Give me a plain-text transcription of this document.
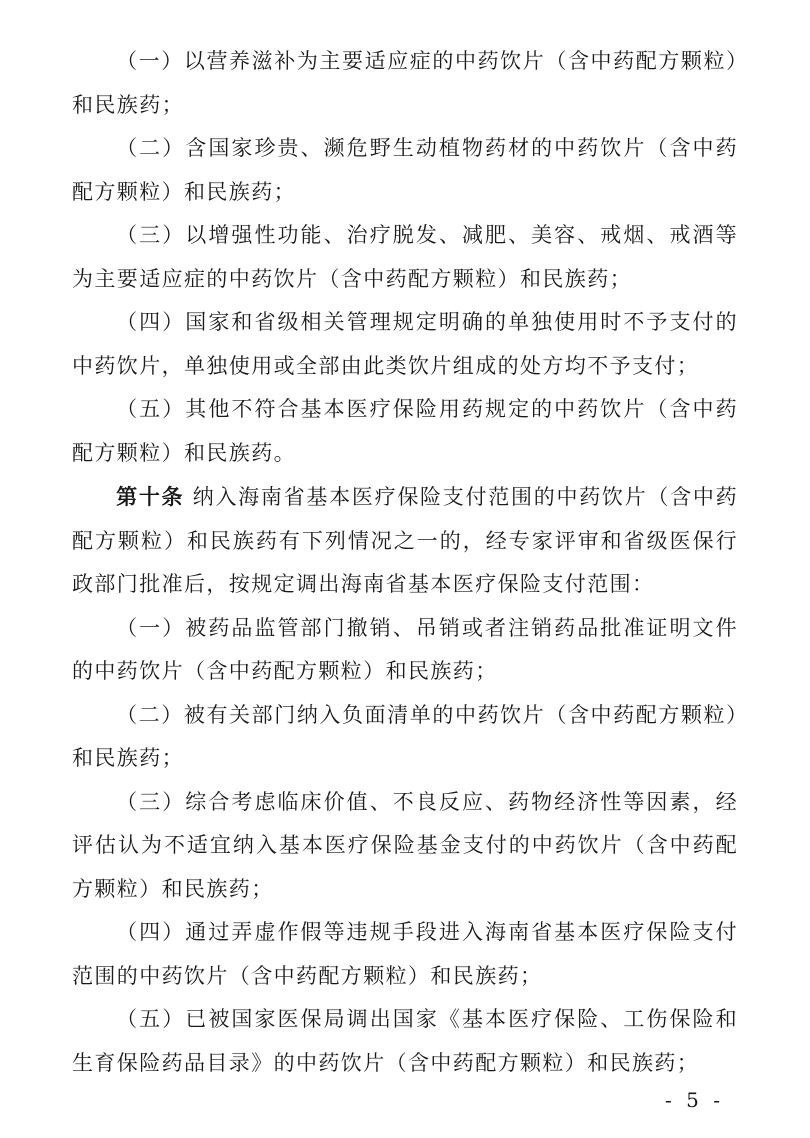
（一）以营养滋补为主要适应症的中药饮片（含中药配方颗粒）和民族药；

（二）含国家珍贵、濒危野生动植物药材的中药饮片（含中药配方颗粒）和民族药；

（三）以增强性功能、治疗脱发、减肥、美容、戒烟、戒酒等为主要适应症的中药饮片（含中药配方颗粒）和民族药；

（四）国家和省级相关管理规定明确的单独使用时不予支付的中药饮片，单独使用或全部由此类饮片组成的处方均不予支付；

（五）其他不符合基本医疗保险用药规定的中药饮片（含中药配方颗粒）和民族药。

第十条 纳入海南省基本医疗保险支付范围的中药饮片（含中药配方颗粒）和民族药有下列情况之一的，经专家评审和省级医保行政部门批准后，按规定调出海南省基本医疗保险支付范围：

（一）被药品监管部门撤销、吊销或者注销药品批准证明文件的中药饮片（含中药配方颗粒）和民族药；

（二）被有关部门纳入负面清单的中药饮片（含中药配方颗粒）和民族药；

（三）综合考虑临床价值、不良反应、药物经济性等因素，经评估认为不适宜纳入基本医疗保险基金支付的中药饮片（含中药配方颗粒）和民族药；

（四）通过弄虚作假等违规手段进入海南省基本医疗保险支付范围的中药饮片（含中药配方颗粒）和民族药；

（五）已被国家医保局调出国家《基本医疗保险、工伤保险和生育保险药品目录》的中药饮片（含中药配方颗粒）和民族药；

- 5 -
